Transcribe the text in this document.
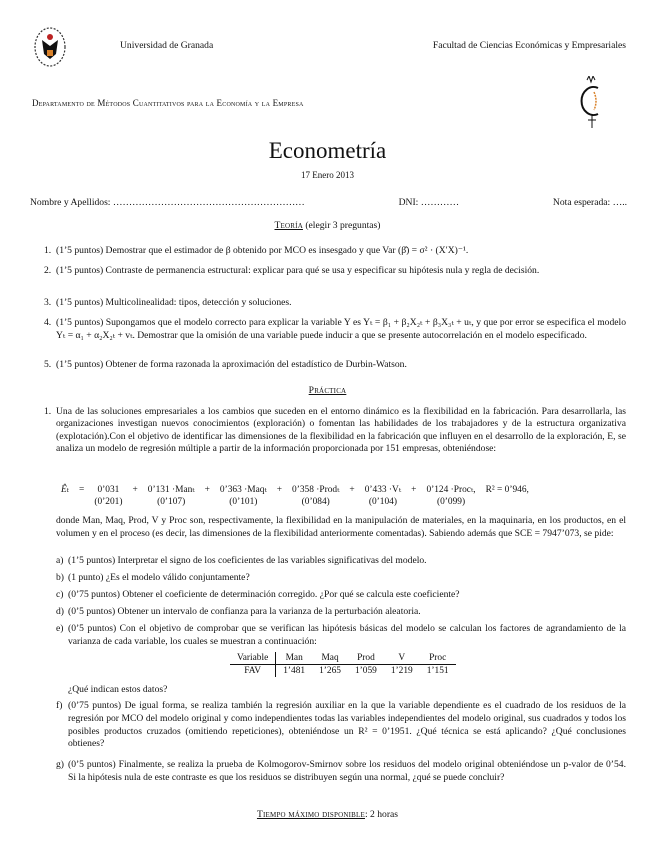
Universidad de Granada	Facultad de Ciencias Económicas y Empresariales
Departamento de Métodos Cuantitativos para la Economía y la Empresa
Econometría
17 Enero 2013
Nombre y Apellidos: ……………………………………………………	DNI: …………	Nota esperada: …..
Teoría (elegir 3 preguntas)
1. (1’5 puntos) Demostrar que el estimador de β obtenido por MCO es insesgado y que Var (β̂) = σ² · (X′X)⁻¹.
2. (1’5 puntos) Contraste de permanencia estructural: explicar para qué se usa y especificar su hipótesis nula y regla de decisión.
3. (1’5 puntos) Multicolinealidad: tipos, detección y soluciones.
4. (1’5 puntos) Supongamos que el modelo correcto para explicar la variable Y es Yₜ = β₁ + β₂X₂ₜ + β₃X₃ₜ + uₜ, y que por error se especifica el modelo Yₜ = α₁ + α₂X₂ₜ + vₜ. Demostrar que la omisión de una variable puede inducir a que se presente autocorrelación en el modelo especificado.
5. (1’5 puntos) Obtener de forma razonada la aproximación del estadístico de Durbin-Watson.
Práctica
1. Una de las soluciones empresariales a los cambios que suceden en el entorno dinámico es la flexibilidad en la fabricación. Para desarrollarla, las organizaciones investigan nuevos conocimientos (exploración) o fomentan las habilidades de los trabajadores y de la estructura organizativa (explotación).Con el objetivo de identificar las dimensiones de la flexibilidad en la fabricación que influyen en el desarrollo de la exploración, E, se analiza un modelo de regresión múltiple a partir de la información proporcionada por 151 empresas, obteniéndose:
Êₜ	=	0’031	+	0’131 ·Manₜ	+	0’363 ·Maqₜ	+	0’358 ·Prodₜ	+	0’433 ·Vₜ	+	0’124 ·Procₜ,	R² = 0’946,
		(0’201)		(0’107)		(0’101)		(0’084)		(0’104)		(0’099)	
donde Man, Maq, Prod, V y Proc son, respectivamente, la flexibilidad en la manipulación de materiales, en la maquinaria, en los productos, en el volumen y en el proceso (es decir, las dimensiones de la flexibilidad anteriormente comentadas). Sabiendo además que SCE = 7947’073, se pide:
a) (1’5 puntos) Interpretar el signo de los coeficientes de las variables significativas del modelo.
b) (1 punto) ¿Es el modelo válido conjuntamente?
c) (0’75 puntos) Obtener el coeficiente de determinación corregido. ¿Por qué se calcula este coeficiente?
d) (0’5 puntos) Obtener un intervalo de confianza para la varianza de la perturbación aleatoria.
e) (0’5 puntos) Con el objetivo de comprobar que se verifican las hipótesis básicas del modelo se calculan los factores de agrandamiento de la varianza de cada variable, los cuales se muestran a continuación:
Variable	Man	Maq	Prod	V	Proc
FAV	1’481	1’265	1’059	1’219	1’151
¿Qué indican estos datos?
f) (0’75 puntos) De igual forma, se realiza también la regresión auxiliar en la que la variable dependiente es el cuadrado de los residuos de la regresión por MCO del modelo original y como independientes todas las variables independientes del modelo original, sus cuadrados y todos los posibles productos cruzados (omitiendo repeticiones), obteniéndose un R² = 0’1951. ¿Qué técnica se está aplicando? ¿Qué conclusiones obtienes?
g) (0’5 puntos) Finalmente, se realiza la prueba de Kolmogorov-Smirnov sobre los residuos del modelo original obteniéndose un p-valor de 0’54. Si la hipótesis nula de este contraste es que los residuos se distribuyen según una normal, ¿qué se puede concluir?
Tiempo máximo disponible: 2 horas
